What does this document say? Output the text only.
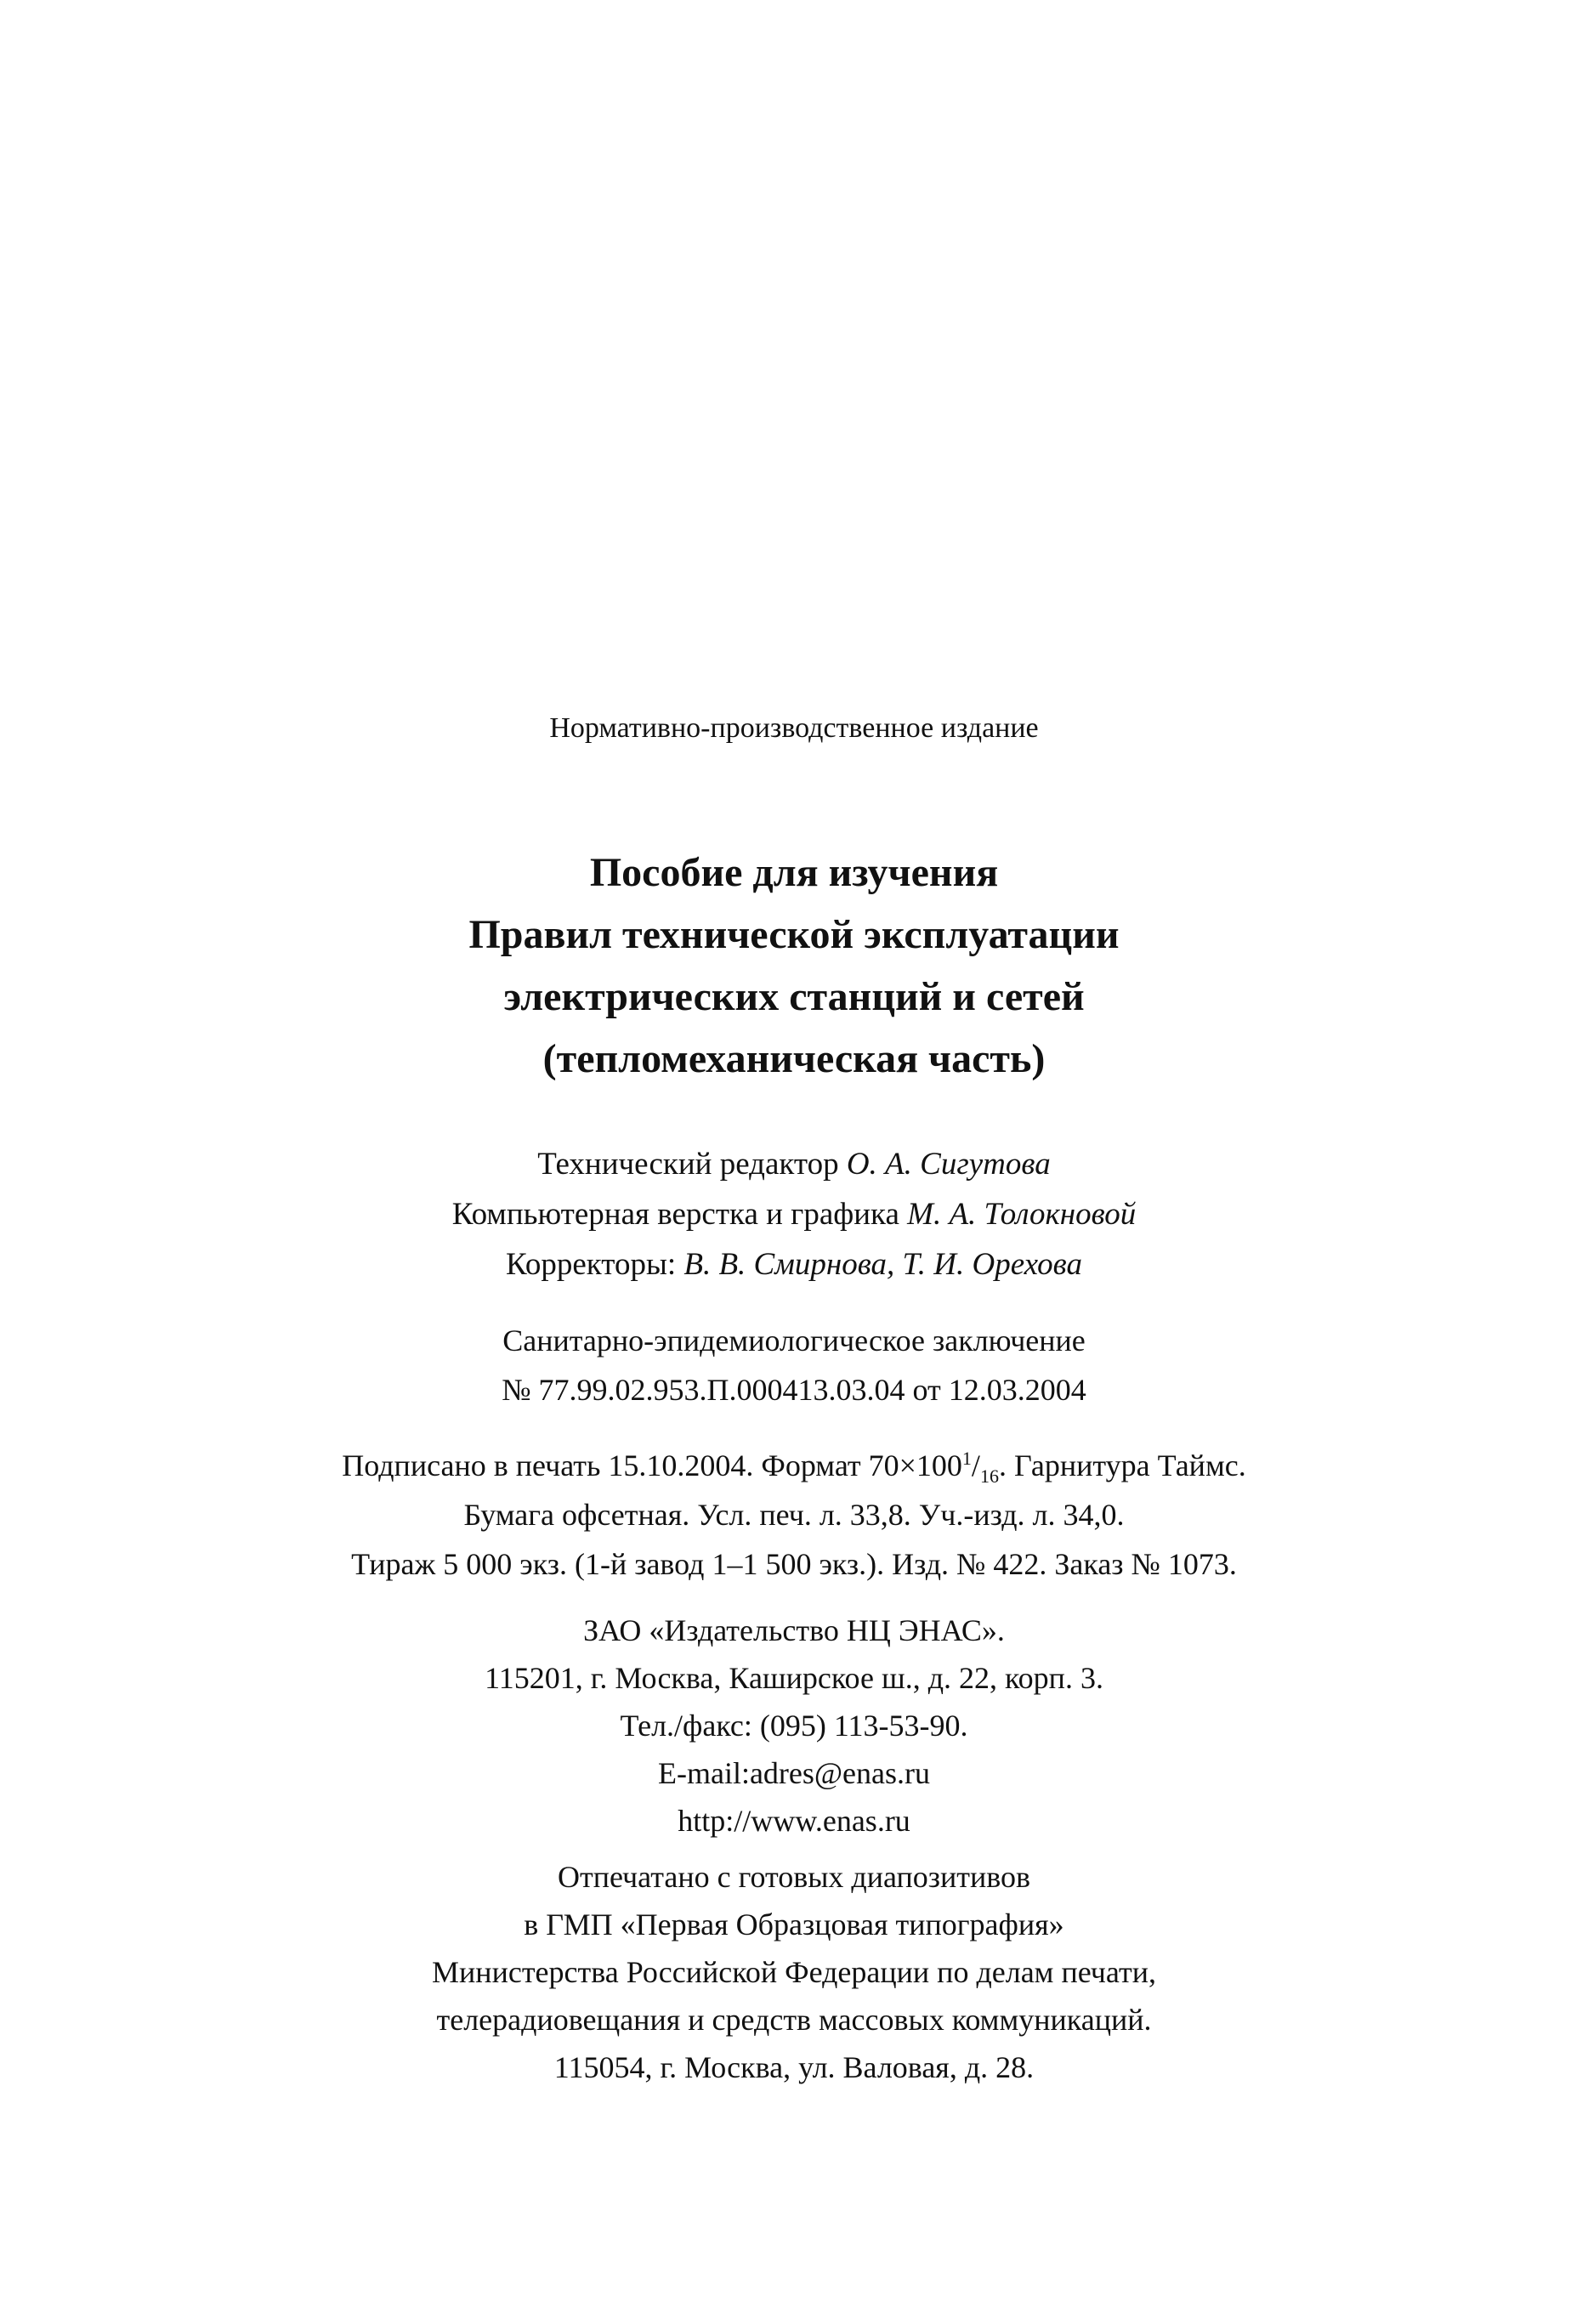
Нормативно-производственное издание
Пособие для изучения
Правил технической эксплуатации
электрических станций и сетей
(тепломеханическая часть)
Технический редактор О. А. Сигутова
Компьютерная верстка и графика М. А. Толокновой
Корректоры: В. В. Смирнова, Т. И. Орехова
Санитарно-эпидемиологическое заключение
№ 77.99.02.953.П.000413.03.04 от 12.03.2004
Подписано в печать 15.10.2004. Формат $70\times 100^1/_{16}$. Гарнитура Таймс.
Бумага офсетная. Усл. печ. л. 33,8. Уч.-изд. л. 34,0.
Тираж 5 000 экз. (1-й завод 1–1 500 экз.). Изд. № 422. Заказ № 1073.
ЗАО «Издательство НЦ ЭНАС».
115201, г. Москва, Каширское ш., д. 22, корп. 3.
Тел./факс: (095) 113-53-90.
E-mail:adres@enas.ru
http://www.enas.ru
Отпечатано с готовых диапозитивов
в ГМП «Первая Образцовая типография»
Министерства Российской Федерации по делам печати,
телерадиовещания и средств массовых коммуникаций.
115054, г. Москва, ул. Валовая, д. 28.
